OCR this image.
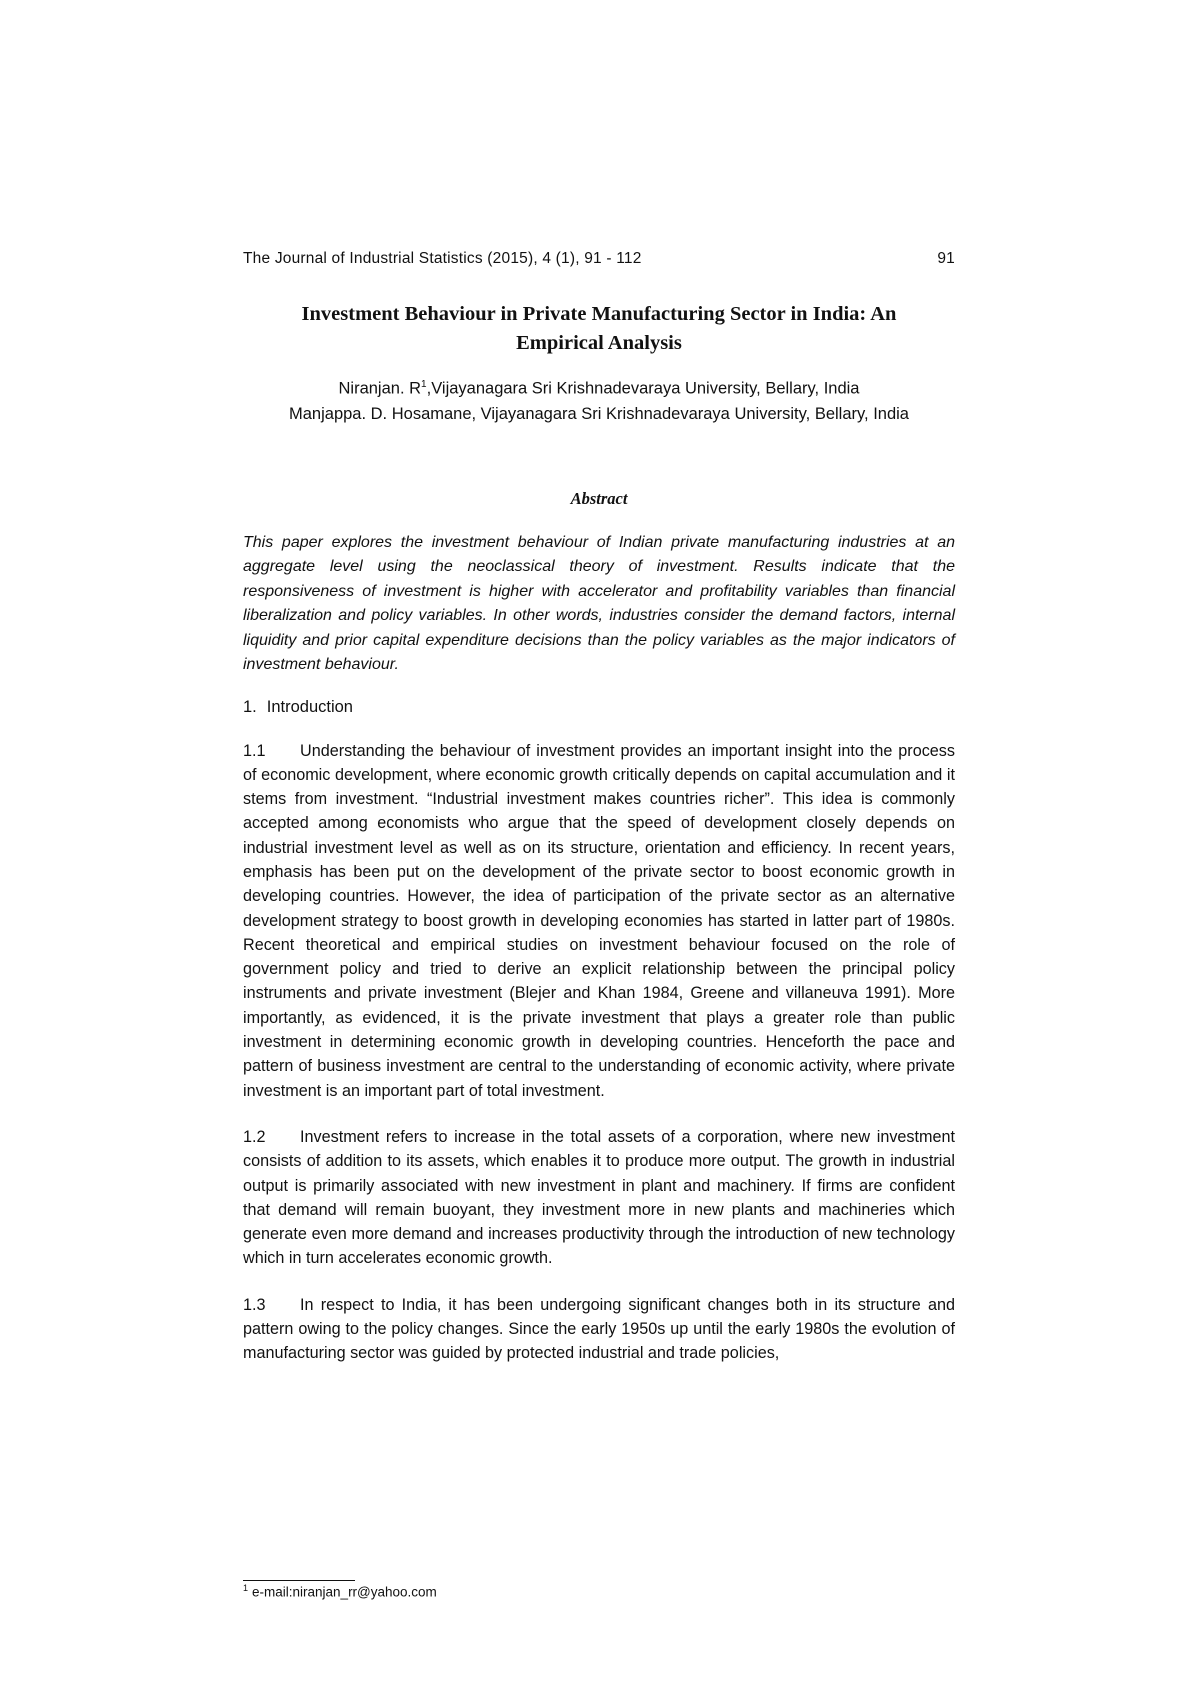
The Journal of Industrial Statistics (2015), 4 (1), 91 - 112	91
Investment Behaviour in Private Manufacturing Sector in India: An Empirical Analysis
Niranjan. $R^1,Vijayanagara$ Sri Krishnadevaraya University, Bellary, India
Manjappa. D. Hosamane, Vijayanagara Sri Krishnadevaraya University, Bellary, India
Abstract
This paper explores the investment behaviour of Indian private manufacturing industries at an aggregate level using the neoclassical theory of investment. Results indicate that the responsiveness of investment is higher with accelerator and profitability variables than financial liberalization and policy variables. In other words, industries consider the demand factors, internal liquidity and prior capital expenditure decisions than the policy variables as the major indicators of investment behaviour.
1. Introduction
1.1 Understanding the behaviour of investment provides an important insight into the process of economic development, where economic growth critically depends on capital accumulation and it stems from investment. “Industrial investment makes countries richer”. This idea is commonly accepted among economists who argue that the speed of development closely depends on industrial investment level as well as on its structure, orientation and efficiency. In recent years, emphasis has been put on the development of the private sector to boost economic growth in developing countries. However, the idea of participation of the private sector as an alternative development strategy to boost growth in developing economies has started in latter part of 1980s. Recent theoretical and empirical studies on investment behaviour focused on the role of government policy and tried to derive an explicit relationship between the principal policy instruments and private investment (Blejer and Khan 1984, Greene and villaneuva 1991). More importantly, as evidenced, it is the private investment that plays a greater role than public investment in determining economic growth in developing countries. Henceforth the pace and pattern of business investment are central to the understanding of economic activity, where private investment is an important part of total investment.
1.2 Investment refers to increase in the total assets of a corporation, where new investment consists of addition to its assets, which enables it to produce more output. The growth in industrial output is primarily associated with new investment in plant and machinery. If firms are confident that demand will remain buoyant, they investment more in new plants and machineries which generate even more demand and increases productivity through the introduction of new technology which in turn accelerates economic growth.
1.3 In respect to India, it has been undergoing significant changes both in its structure and pattern owing to the policy changes. Since the early 1950s up until the early 1980s the evolution of manufacturing sector was guided by protected industrial and trade policies,
$^1$ e-mail:niranjan_rr@yahoo.com
